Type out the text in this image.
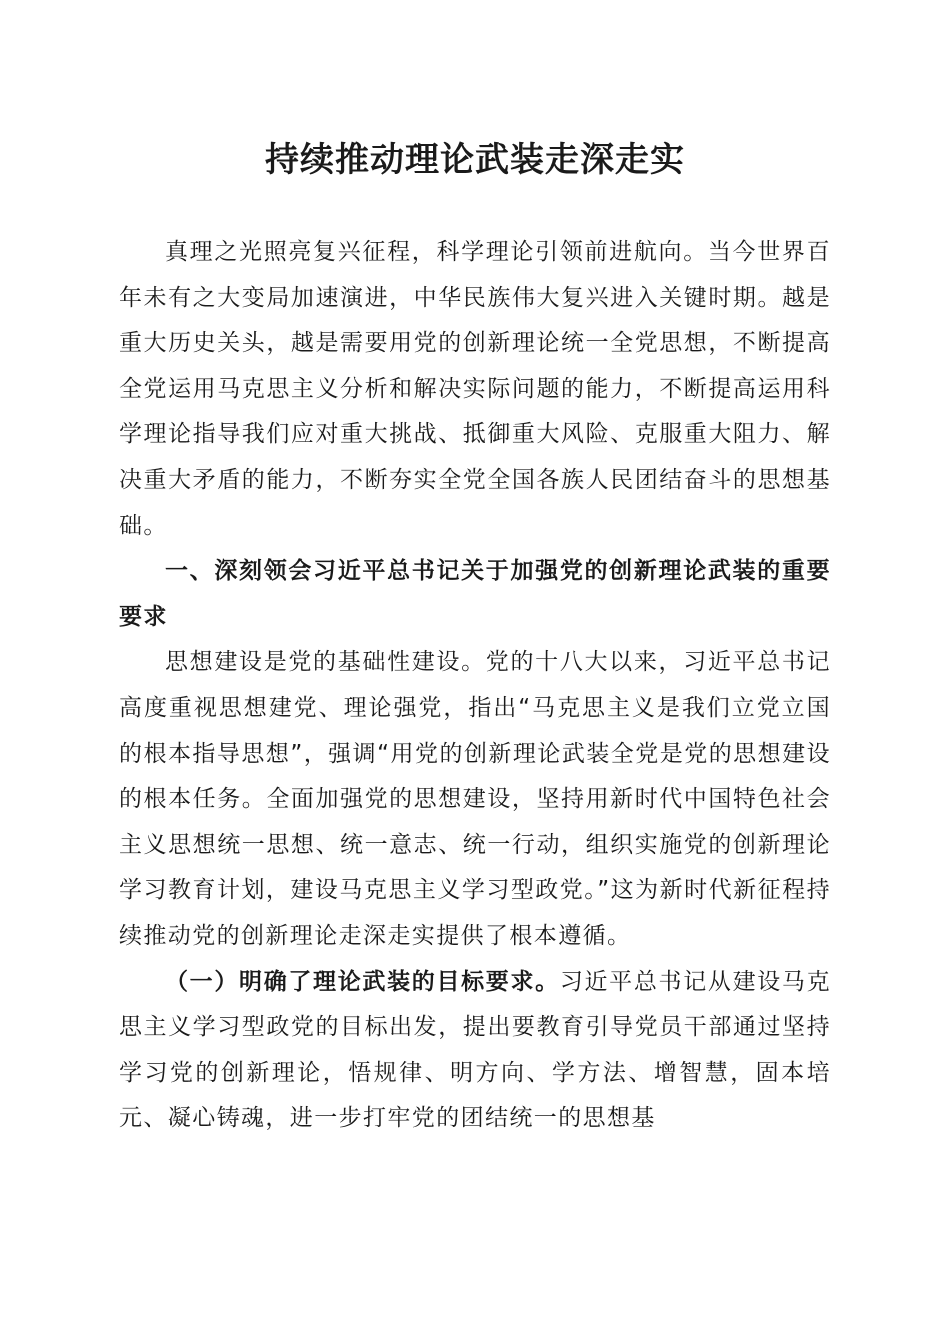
持续推动理论武装走深走实

真理之光照亮复兴征程，科学理论引领前进航向。当今世界百年未有之大变局加速演进，中华民族伟大复兴进入关键时期。越是重大历史关头，越是需要用党的创新理论统一全党思想，不断提高全党运用马克思主义分析和解决实际问题的能力，不断提高运用科学理论指导我们应对重大挑战、抵御重大风险、克服重大阻力、解决重大矛盾的能力，不断夯实全党全国各族人民团结奋斗的思想基础。

一、深刻领会习近平总书记关于加强党的创新理论武装的重要要求

思想建设是党的基础性建设。党的十八大以来，习近平总书记高度重视思想建党、理论强党，指出“马克思主义是我们立党立国的根本指导思想”，强调“用党的创新理论武装全党是党的思想建设的根本任务。全面加强党的思想建设，坚持用新时代中国特色社会主义思想统一思想、统一意志、统一行动，组织实施党的创新理论学习教育计划，建设马克思主义学习型政党。”这为新时代新征程持续推动党的创新理论走深走实提供了根本遵循。

（一）明确了理论武装的目标要求。习近平总书记从建设马克思主义学习型政党的目标出发，提出要教育引导党员干部通过坚持学习党的创新理论，悟规律、明方向、学方法、增智慧，固本培元、凝心铸魂，进一步打牢党的团结统一的思想基
